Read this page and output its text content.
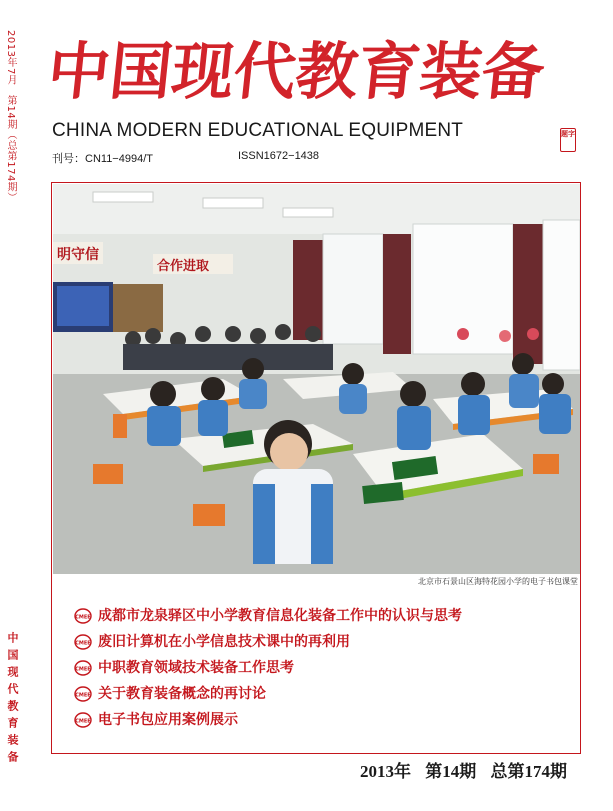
2013年7月 第14期（总第174期）
中国现代教育装备
中国现代教育装备
CHINA MODERN EDUCATIONAL EQUIPMENT	题字
刊号：CN11−4994/T	ISSN1672−1438
明守信
合作进取
北京市石景山区海特花园小学的电子书包课堂
CMEE 成都市龙泉驿区中小学教育信息化装备工作中的认识与思考
CMEE 废旧计算机在小学信息技术课中的再利用
CMEE 中职教育领域技术装备工作思考
CMEE 关于教育装备概念的再讨论
CMEE 电子书包应用案例展示
2013年 第14期 总第174期
